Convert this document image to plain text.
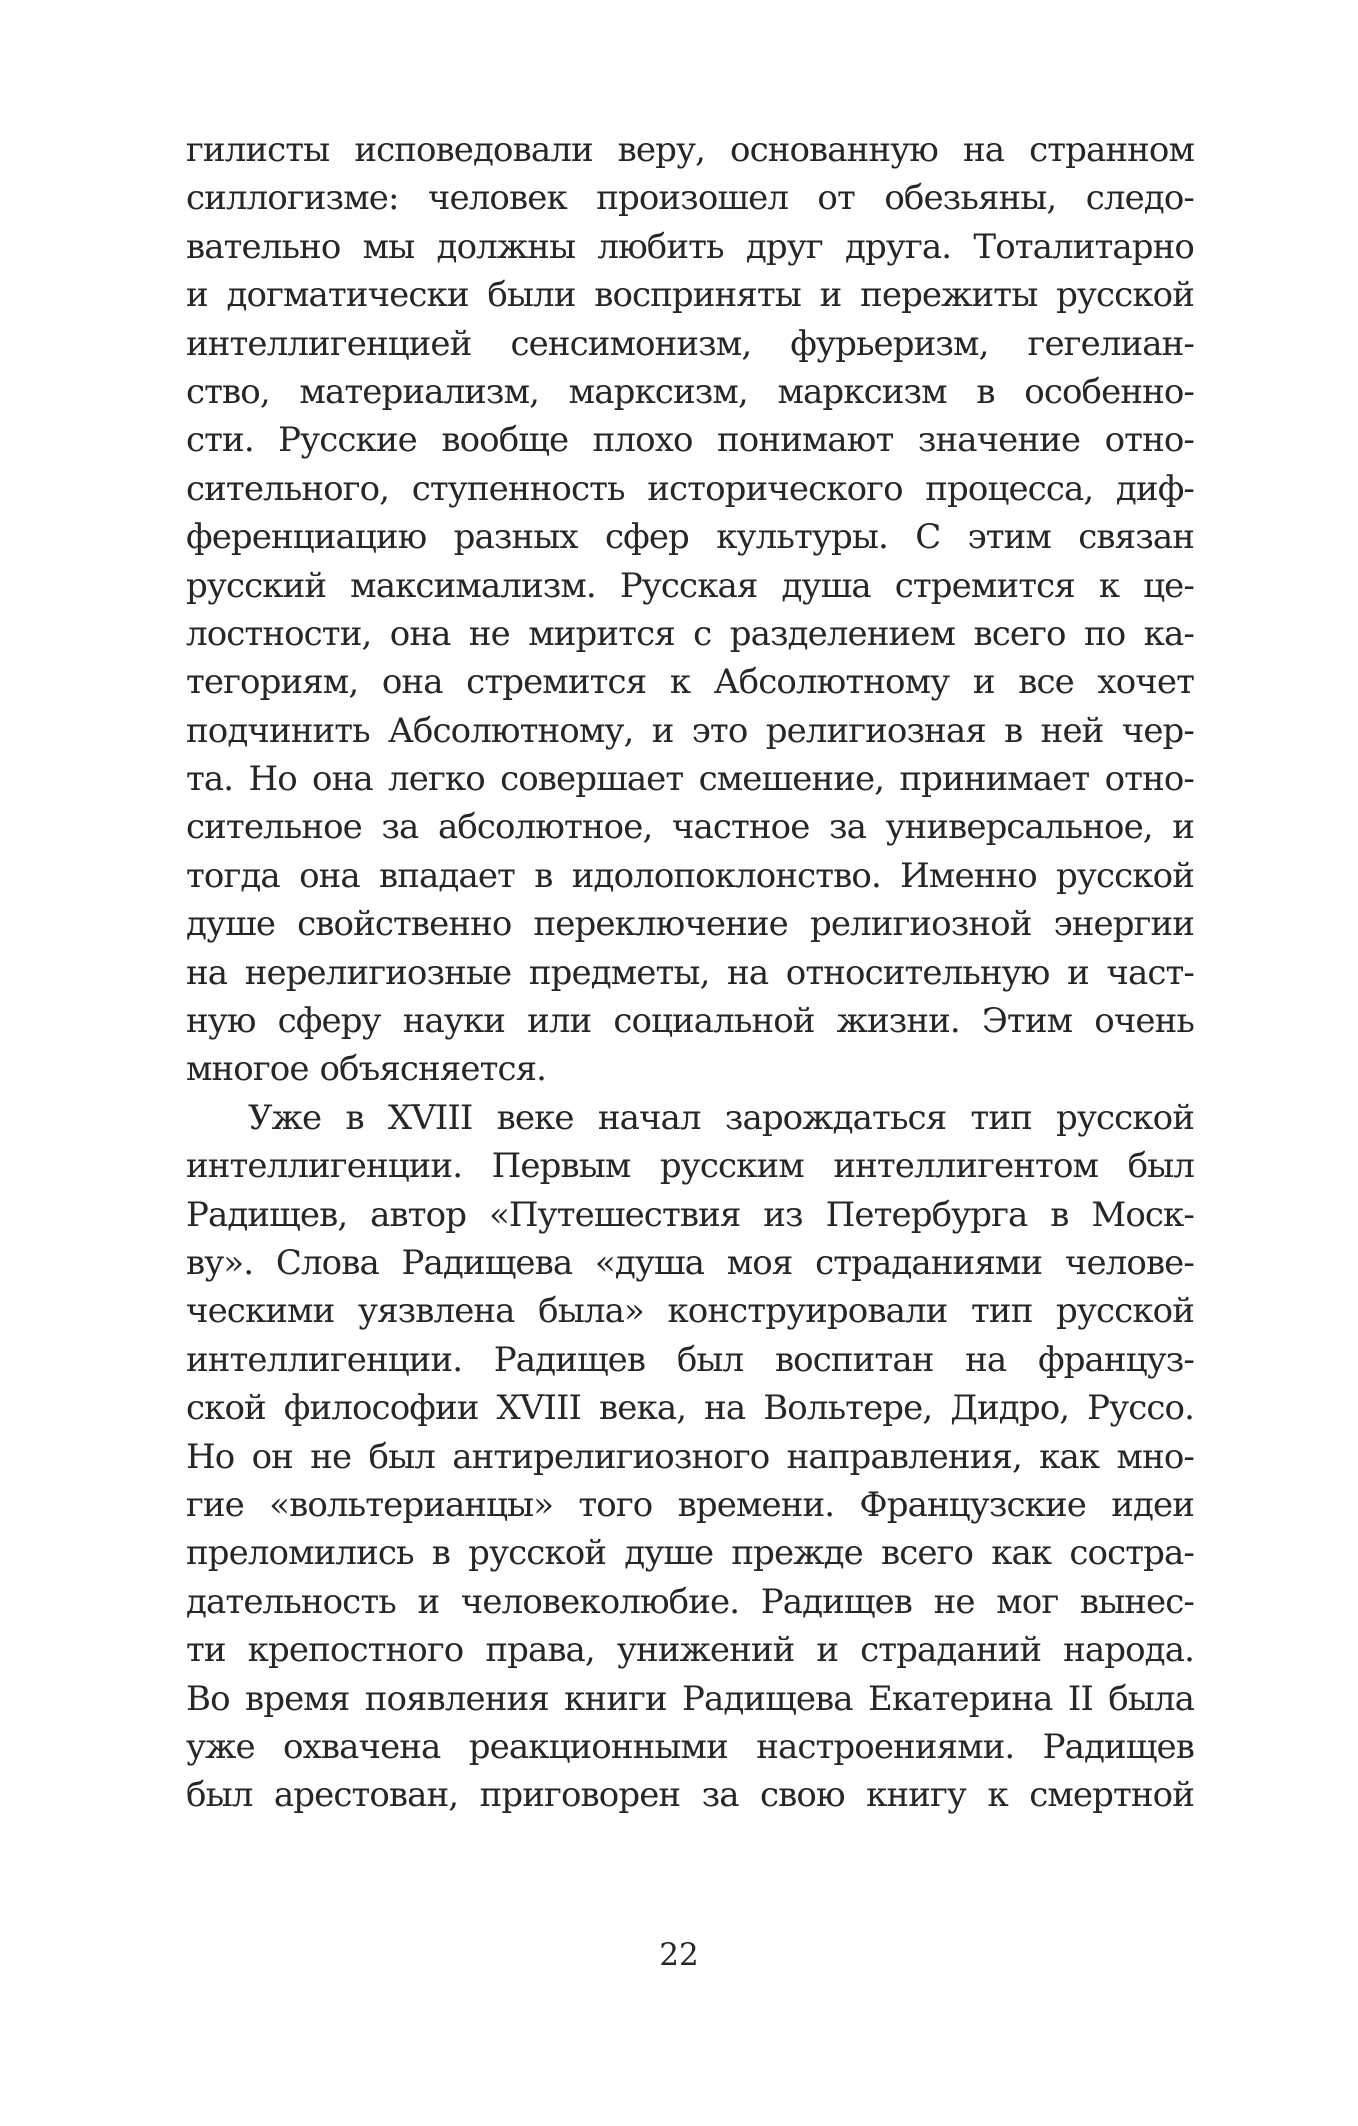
гилисты исповедовали веру, основанную на странном
силлогизме: человек произошел от обезьяны, следо-
вательно мы должны любить друг друга. Тоталитарно
и догматически были восприняты и пережиты русской
интеллигенцией сенсимонизм, фурьеризм, гегелиан-
ство, материализм, марксизм, марксизм в особенно-
сти. Русские вообще плохо понимают значение отно-
сительного, ступенность исторического процесса, диф-
ференциацию разных сфер культуры. С этим связан
русский максимализм. Русская душа стремится к це-
лостности, она не мирится с разделением всего по ка-
тегориям, она стремится к Абсолютному и все хочет
подчинить Абсолютному, и это религиозная в ней чер-
та. Но она легко совершает смешение, принимает отно-
сительное за абсолютное, частное за универсальное, и
тогда она впадает в идолопоклонство. Именно русской
душе свойственно переключение религиозной энергии
на нерелигиозные предметы, на относительную и част-
ную сферу науки или социальной жизни. Этим очень
многое объясняется.
Уже в XVIII веке начал зарождаться тип русской
интеллигенции. Первым русским интеллигентом был
Радищев, автор «Путешествия из Петербурга в Моск-
ву». Слова Радищева «душа моя страданиями челове-
ческими уязвлена была» конструировали тип русской
интеллигенции. Радищев был воспитан на француз-
ской философии XVIII века, на Вольтере, Дидро, Руссо.
Но он не был антирелигиозного направления, как мно-
гие «вольтерианцы» того времени. Французские идеи
преломились в русской душе прежде всего как состра-
дательность и человеколюбие. Радищев не мог вынес-
ти крепостного права, унижений и страданий народа.
Во время появления книги Радищева Екатерина II была
уже охвачена реакционными настроениями. Радищев
был арестован, приговорен за свою книгу к смертной
22
